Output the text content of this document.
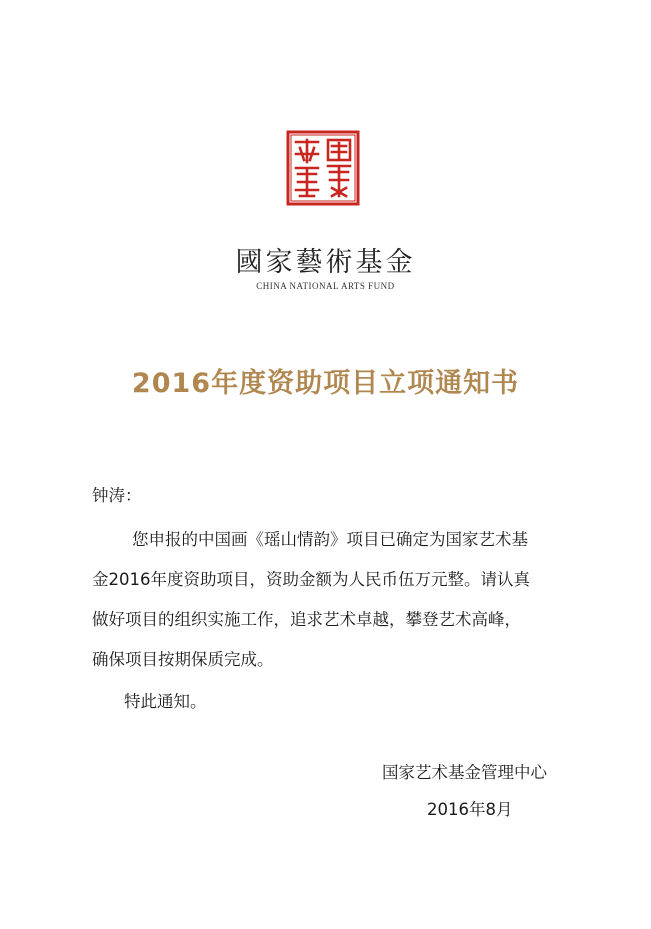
國家藝術基金
CHINA NATIONAL ARTS FUND
2016年度资助项目立项通知书
钟涛：
您申报的中国画《瑶山情韵》项目已确定为国家艺术基
金2016年度资助项目，资助金额为人民币伍万元整。请认真
做好项目的组织实施工作，追求艺术卓越，攀登艺术高峰，
确保项目按期保质完成。
特此通知。
国家艺术基金管理中心
2016年8月
